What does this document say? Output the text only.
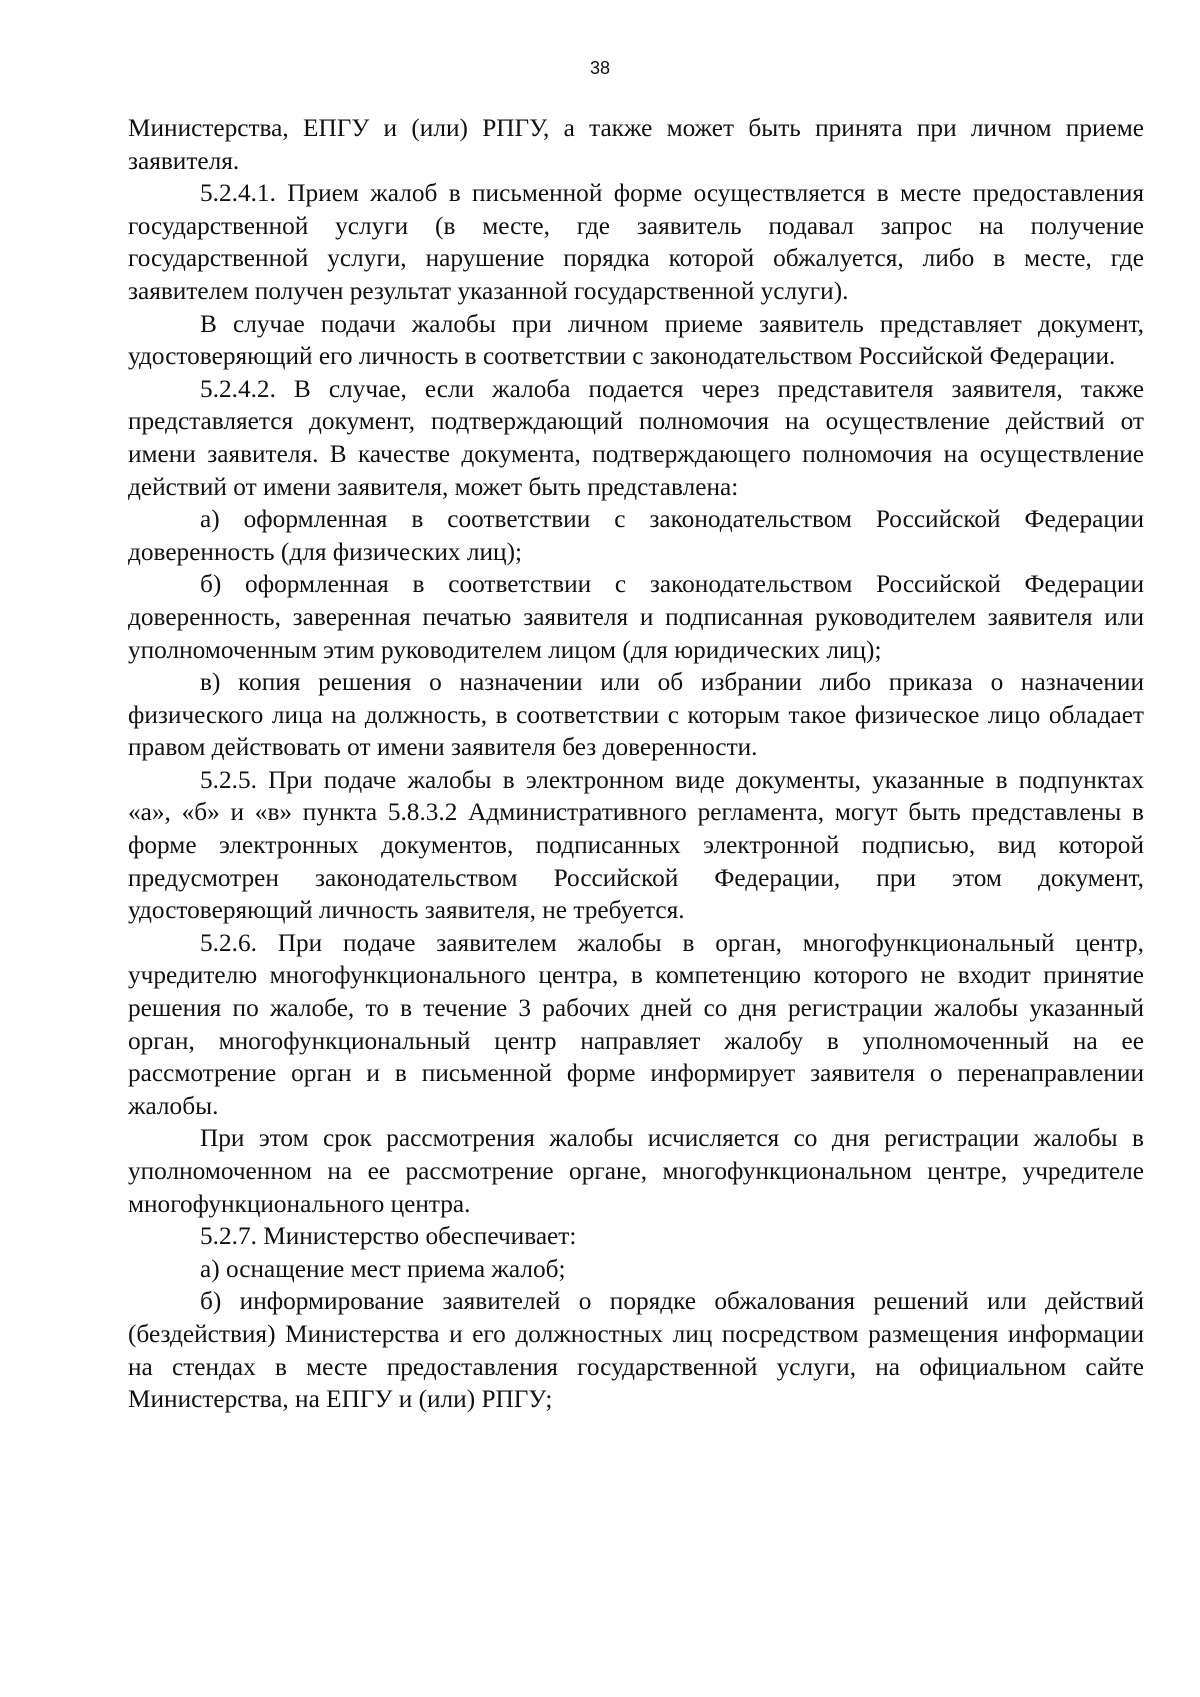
38

Министерства, ЕПГУ и (или) РПГУ, а также может быть принята при личном приеме заявителя.

5.2.4.1. Прием жалоб в письменной форме осуществляется в месте предоставления государственной услуги (в месте, где заявитель подавал запрос на получение государственной услуги, нарушение порядка которой обжалуется, либо в месте, где заявителем получен результат указанной государственной услуги).

В случае подачи жалобы при личном приеме заявитель представляет документ, удостоверяющий его личность в соответствии с законодательством Российской Федерации.

5.2.4.2. В случае, если жалоба подается через представителя заявителя, также представляется документ, подтверждающий полномочия на осуществление действий от имени заявителя. В качестве документа, подтверждающего полномочия на осуществление действий от имени заявителя, может быть представлена:

а) оформленная в соответствии с законодательством Российской Федерации доверенность (для физических лиц);

б) оформленная в соответствии с законодательством Российской Федерации доверенность, заверенная печатью заявителя и подписанная руководителем заявителя или уполномоченным этим руководителем лицом (для юридических лиц);

в) копия решения о назначении или об избрании либо приказа о назначении физического лица на должность, в соответствии с которым такое физическое лицо обладает правом действовать от имени заявителя без доверенности.

5.2.5. При подаче жалобы в электронном виде документы, указанные в подпунктах «а», «б» и «в» пункта 5.8.3.2 Административного регламента, могут быть представлены в форме электронных документов, подписанных электронной подписью, вид которой предусмотрен законодательством Российской Федерации, при этом документ, удостоверяющий личность заявителя, не требуется.

5.2.6. При подаче заявителем жалобы в орган, многофункциональный центр, учредителю многофункционального центра, в компетенцию которого не входит принятие решения по жалобе, то в течение 3 рабочих дней со дня регистрации жалобы указанный орган, многофункциональный центр направляет жалобу в уполномоченный на ее рассмотрение орган и в письменной форме информирует заявителя о перенаправлении жалобы.

При этом срок рассмотрения жалобы исчисляется со дня регистрации жалобы в уполномоченном на ее рассмотрение органе, многофункциональном центре, учредителе многофункционального центра.

5.2.7. Министерство обеспечивает:

а) оснащение мест приема жалоб;

б) информирование заявителей о порядке обжалования решений или действий (бездействия) Министерства и его должностных лиц посредством размещения информации на стендах в месте предоставления государственной услуги, на официальном сайте Министерства, на ЕПГУ и (или) РПГУ;
